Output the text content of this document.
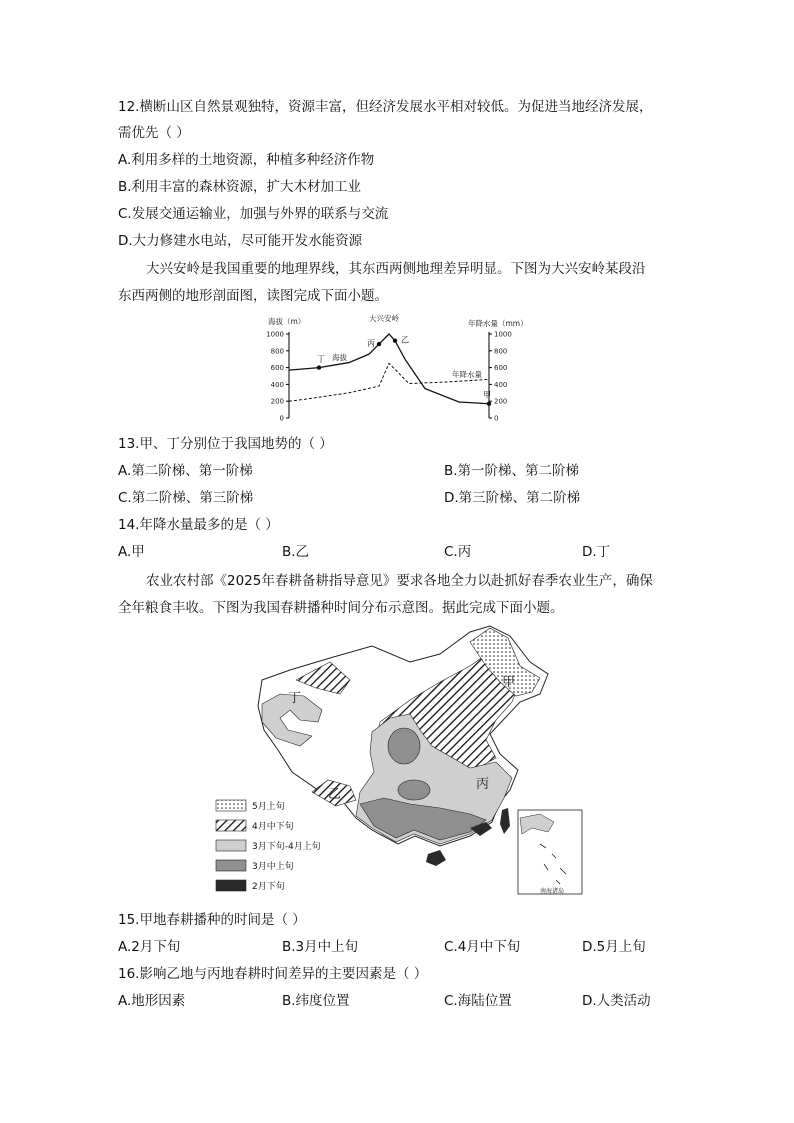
12.横断山区自然景观独特，资源丰富，但经济发展水平相对较低。为促进当地经济发展，
需优先（ ）
A.利用多样的土地资源，种植多种经济作物
B.利用丰富的森林资源，扩大木材加工业
C.发展交通运输业，加强与外界的联系与交流
D.大力修建水电站，尽可能开发水能资源
大兴安岭是我国重要的地理界线，其东西两侧地理差异明显。下图为大兴安岭某段沿
东西两侧的地形剖面图，读图完成下面小题。
海拔（m）	年降水量（mm）
大兴安岭
1000
800
600
400
200
0
1000
800
600
400
200
0
丁
丙	乙
甲
海拔
年降水量
13.甲、丁分别位于我国地势的（ ）
A.第二阶梯、第一阶梯	B.第一阶梯、第二阶梯
C.第二阶梯、第三阶梯	D.第三阶梯、第二阶梯
14.年降水量最多的是（ ）
A.甲	B.乙	C.丙	D.丁
农业农村部《2025年春耕备耕指导意见》要求各地全力以赴抓好春季农业生产，确保
全年粮食丰收。下图为我国春耕播种时间分布示意图。据此完成下面小题。
甲
丁
乙
丙
南海诸岛
5月上旬
4月中下旬
3月下旬-4月上旬
3月中上旬
2月下旬
15.甲地春耕播种的时间是（ ）
A.2月下旬	B.3月中上旬	C.4月中下旬	D.5月上旬
16.影响乙地与丙地春耕时间差异的主要因素是（ ）
A.地形因素	B.纬度位置	C.海陆位置	D.人类活动
